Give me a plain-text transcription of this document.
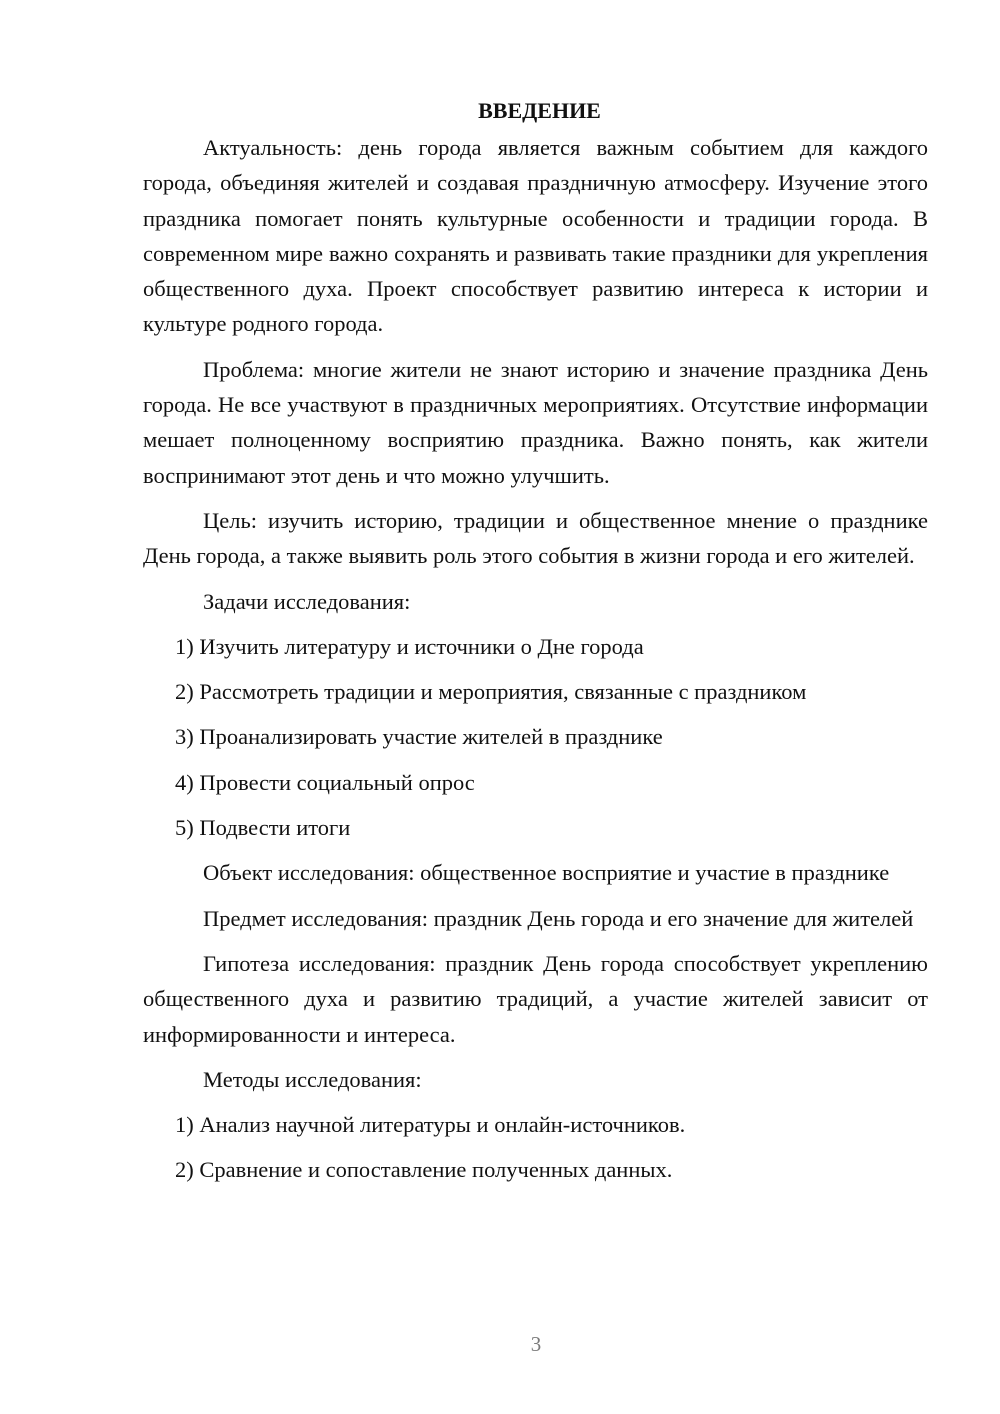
ВВЕДЕНИЕ

Актуальность: день города является важным событием для каждого города, объединяя жителей и создавая праздничную атмосферу. Изучение этого праздника помогает понять культурные особенности и традиции города. В современном мире важно сохранять и развивать такие праздники для укрепления общественного духа. Проект способствует развитию интереса к истории и культуре родного города.

Проблема: многие жители не знают историю и значение праздника День города. Не все участвуют в праздничных мероприятиях. Отсутствие информации мешает полноценному восприятию праздника. Важно понять, как жители воспринимают этот день и что можно улучшить.

Цель: изучить историю, традиции и общественное мнение о празднике День города, а также выявить роль этого события в жизни города и его жителей.

Задачи исследования:
1) Изучить литературу и источники о Дне города
2) Рассмотреть традиции и мероприятия, связанные с праздником
3) Проанализировать участие жителей в празднике
4) Провести социальный опрос
5) Подвести итоги

Объект исследования: общественное восприятие и участие в празднике

Предмет исследования: праздник День города и его значение для жителей

Гипотеза исследования: праздник День города способствует укреплению общественного духа и развитию традиций, а участие жителей зависит от информированности и интереса.

Методы исследования:
1) Анализ научной литературы и онлайн-источников.
2) Сравнение и сопоставление полученных данных.
3
